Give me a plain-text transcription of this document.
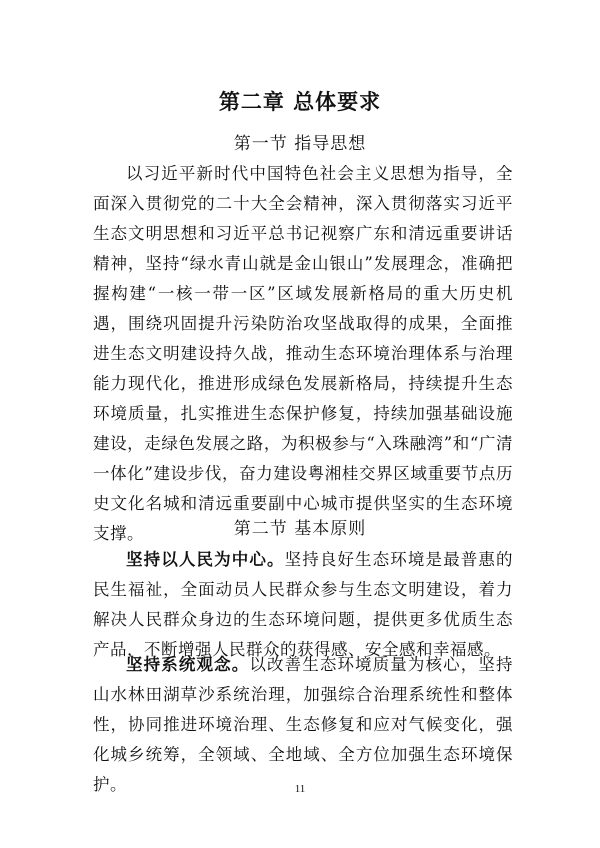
第二章 总体要求
第一节 指导思想

以习近平新时代中国特色社会主义思想为指导，全面深入贯彻党的二十大全会精神，深入贯彻落实习近平生态文明思想和习近平总书记视察广东和清远重要讲话精神，坚持“绿水青山就是金山银山”发展理念，准确把握构建“一核一带一区”区域发展新格局的重大历史机遇，围绕巩固提升污染防治攻坚战取得的成果，全面推进生态文明建设持久战，推动生态环境治理体系与治理能力现代化，推进形成绿色发展新格局，持续提升生态环境质量，扎实推进生态保护修复，持续加强基础设施建设，走绿色发展之路，为积极参与“入珠融湾”和“广清一体化”建设步伐，奋力建设粤湘桂交界区域重要节点历史文化名城和清远重要副中心城市提供坚实的生态环境支撑。	第二节 基本原则

坚持以人民为中心。坚持良好生态环境是最普惠的民生福祉，全面动员人民群众参与生态文明建设，着力解决人民群众身边的生态环境问题，提供更多优质生态产品，不断增强人民群众的获得感、安全感和幸福感。

坚持系统观念。以改善生态环境质量为核心，坚持山水林田湖草沙系统治理，加强综合治理系统性和整体性，协同推进环境治理、生态修复和应对气候变化，强化城乡统筹，全领域、全地域、全方位加强生态环境保护。	11
